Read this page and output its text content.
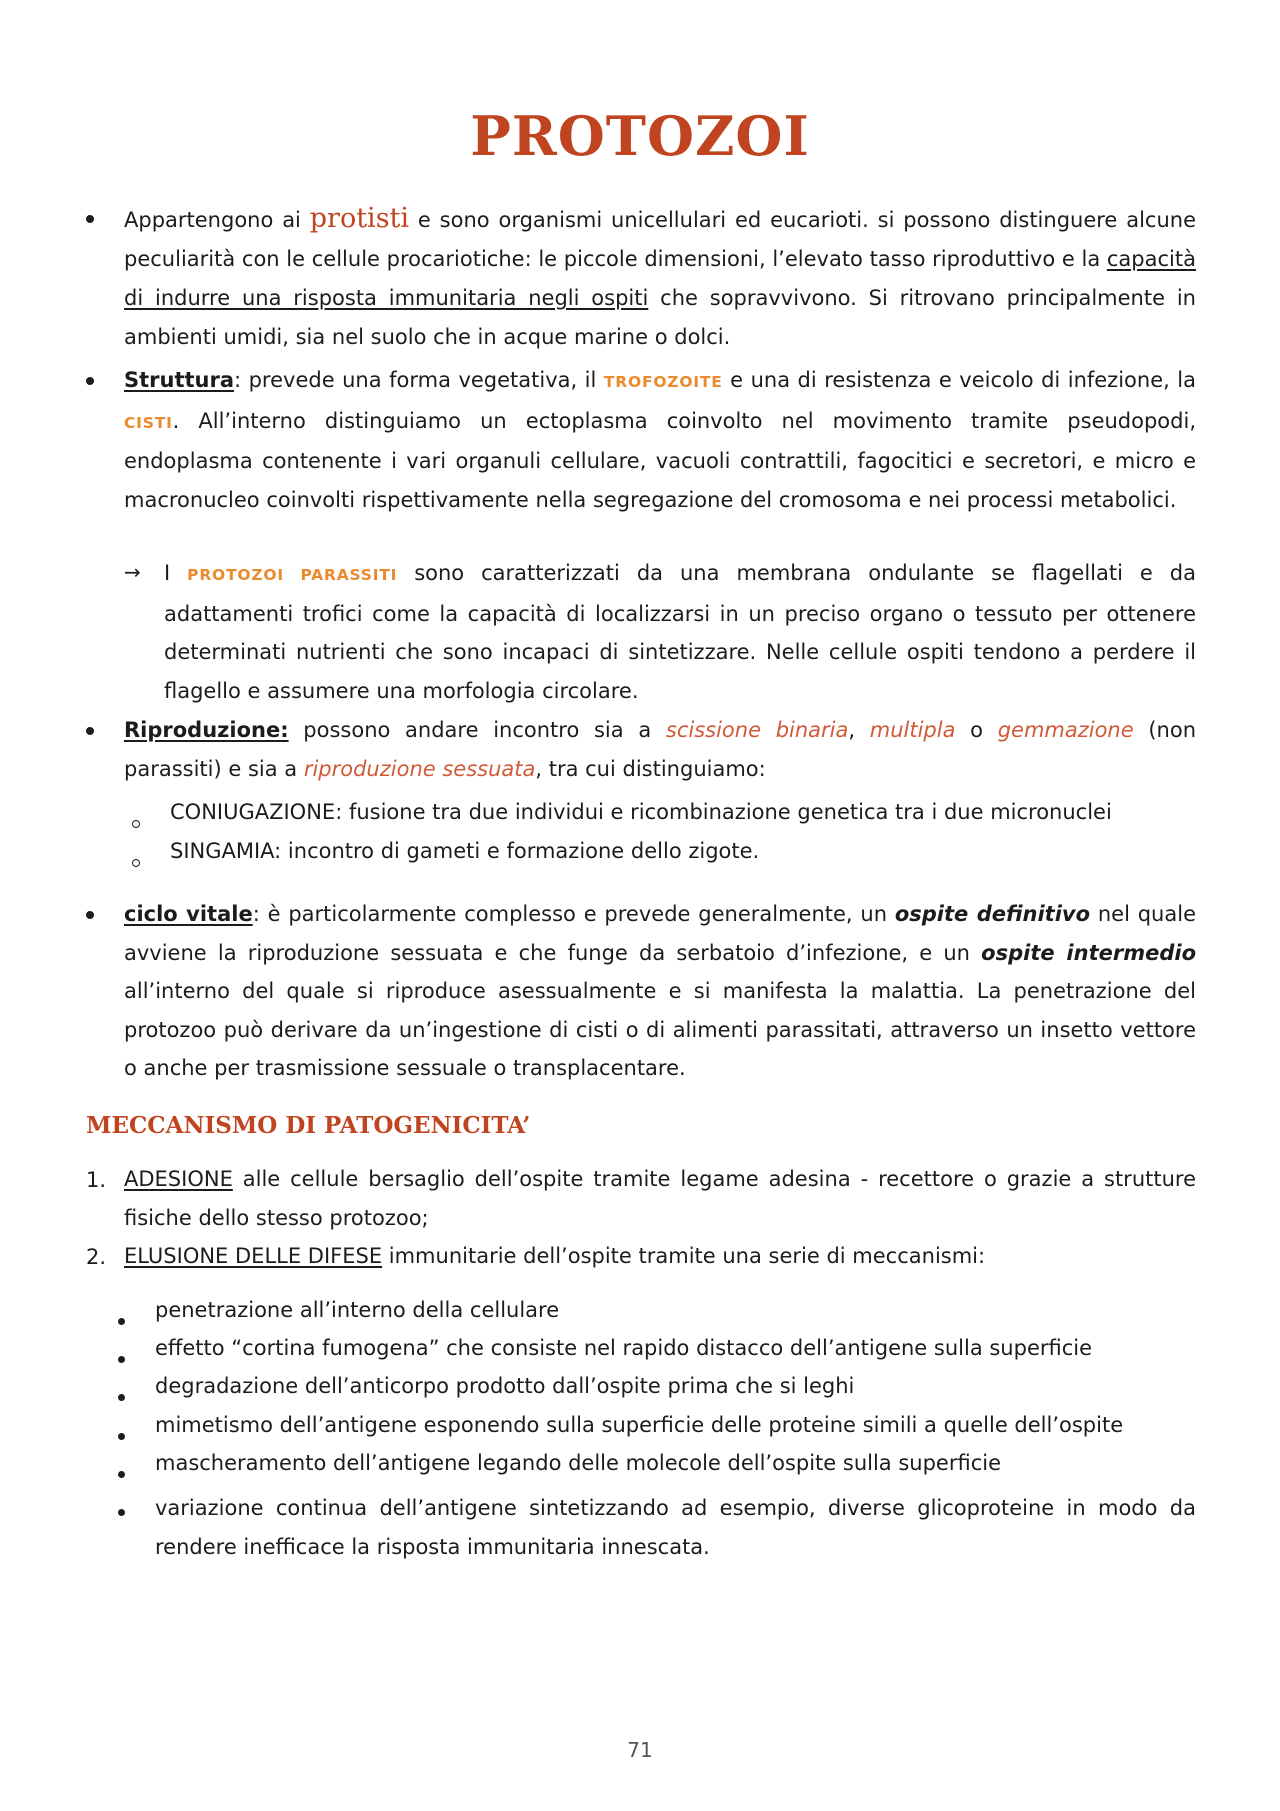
PROTOZOI
Appartengono ai protisti e sono organismi unicellulari ed eucarioti. si possono distinguere alcune peculiarità con le cellule procariotiche: le piccole dimensioni, l’elevato tasso riproduttivo e la capacità di indurre una risposta immunitaria negli ospiti che sopravvivono. Si ritrovano principalmente in ambienti umidi, sia nel suolo che in acque marine o dolci.
Struttura: prevede una forma vegetativa, il TROFOZOITE e una di resistenza e veicolo di infezione, la CISTI. All’interno distinguiamo un ectoplasma coinvolto nel movimento tramite pseudopodi, endoplasma contenente i vari organuli cellulare, vacuoli contrattili, fagocitici e secretori, e micro e macronucleo coinvolti rispettivamente nella segregazione del cromosoma e nei processi metabolici.
→ I PROTOZOI PARASSITI sono caratterizzati da una membrana ondulante se flagellati e da adattamenti trofici come la capacità di localizzarsi in un preciso organo o tessuto per ottenere determinati nutrienti che sono incapaci di sintetizzare. Nelle cellule ospiti tendono a perdere il flagello e assumere una morfologia circolare.
Riproduzione: possono andare incontro sia a scissione binaria, multipla o gemmazione (non parassiti) e sia a riproduzione sessuata, tra cui distinguiamo:
CONIUGAZIONE: fusione tra due individui e ricombinazione genetica tra i due micronuclei
SINGAMIA: incontro di gameti e formazione dello zigote.
ciclo vitale: è particolarmente complesso e prevede generalmente, un ospite definitivo nel quale avviene la riproduzione sessuata e che funge da serbatoio d’infezione, e un ospite intermedio all’interno del quale si riproduce asessualmente e si manifesta la malattia. La penetrazione del protozoo può derivare da un’ingestione di cisti o di alimenti parassitati, attraverso un insetto vettore o anche per trasmissione sessuale o transplacentare.
MECCANISMO DI PATOGENICITA’
1. ADESIONE alle cellule bersaglio dell’ospite tramite legame adesina - recettore o grazie a strutture fisiche dello stesso protozoo;
2. ELUSIONE DELLE DIFESE immunitarie dell’ospite tramite una serie di meccanismi:
penetrazione all’interno della cellulare
effetto “cortina fumogena” che consiste nel rapido distacco dell’antigene sulla superficie
degradazione dell’anticorpo prodotto dall’ospite prima che si leghi
mimetismo dell’antigene esponendo sulla superficie delle proteine simili a quelle dell’ospite
mascheramento dell’antigene legando delle molecole dell’ospite sulla superficie
variazione continua dell’antigene sintetizzando ad esempio, diverse glicoproteine in modo da rendere inefficace la risposta immunitaria innescata.
71
